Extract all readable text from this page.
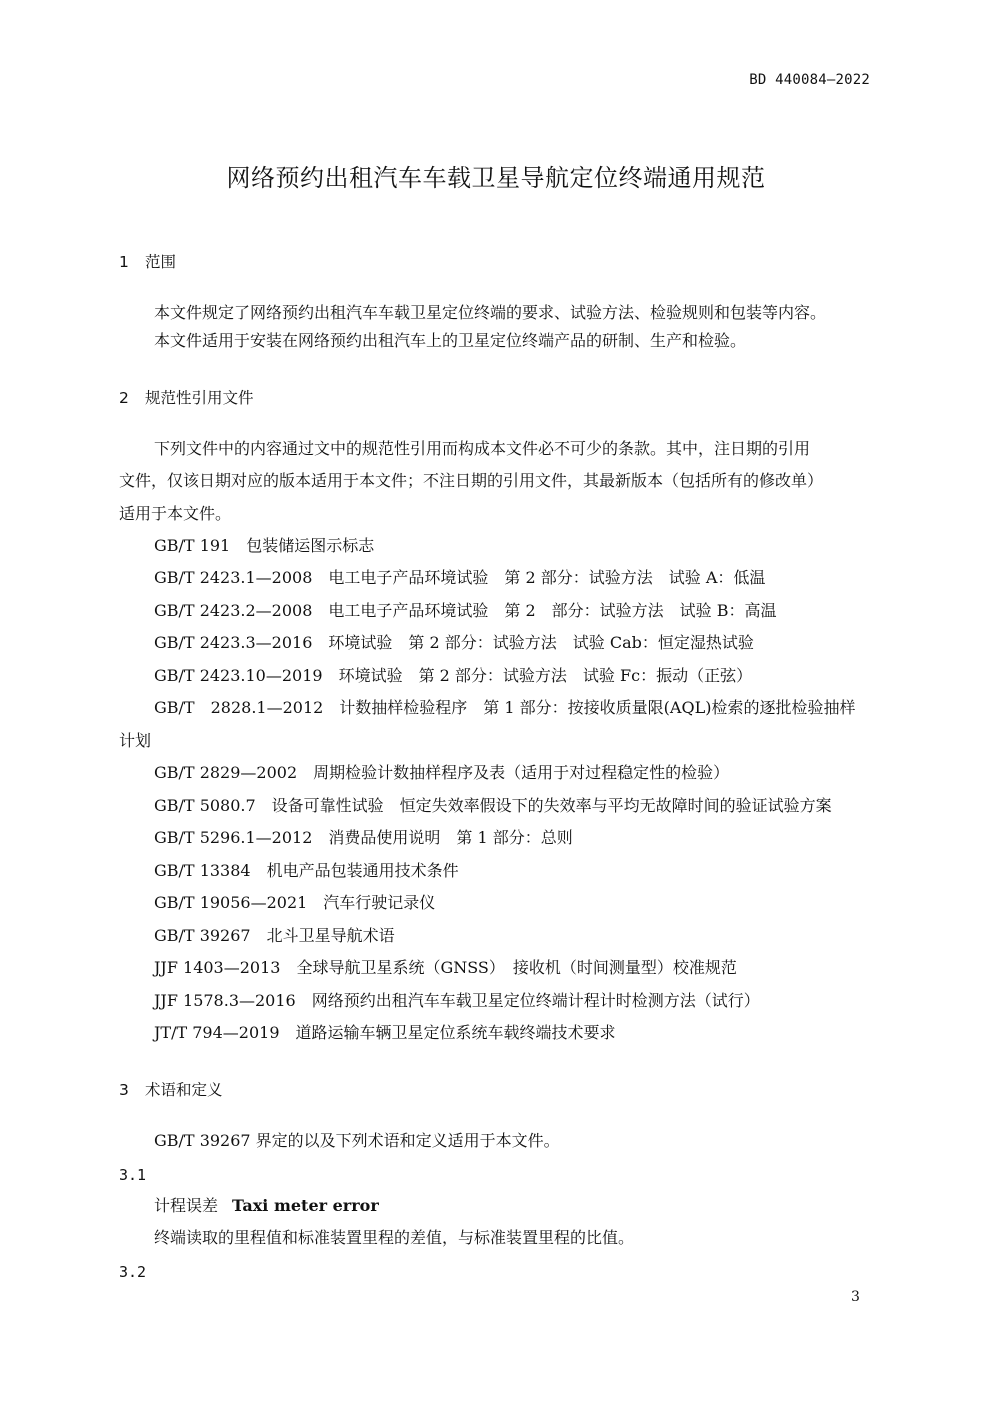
BD 440084—2022
网络预约出租汽车车载卫星导航定位终端通用规范
1 范围
本文件规定了网络预约出租汽车车载卫星定位终端的要求、试验方法、检验规则和包装等内容。
本文件适用于安装在网络预约出租汽车上的卫星定位终端产品的研制、生产和检验。
2 规范性引用文件
下列文件中的内容通过文中的规范性引用而构成本文件必不可少的条款。其中，注日期的引用
文件，仅该日期对应的版本适用于本文件；不注日期的引用文件，其最新版本（包括所有的修改单）
适用于本文件。
GB/T 191　包装储运图示标志
GB/T 2423.1—2008　电工电子产品环境试验　第 2 部分：试验方法　试验 A：低温
GB/T 2423.2—2008　电工电子产品环境试验　第 2　部分：试验方法　试验 B：高温
GB/T 2423.3—2016　环境试验　第 2 部分：试验方法　试验 Cab：恒定湿热试验
GB/T 2423.10—2019　环境试验　第 2 部分：试验方法　试验 Fc：振动（正弦）
GB/T　2828.1—2012　计数抽样检验程序　第 1 部分：按接收质量限(AQL)检索的逐批检验抽样
计划
GB/T 2829—2002　周期检验计数抽样程序及表（适用于对过程稳定性的检验）
GB/T 5080.7　设备可靠性试验　恒定失效率假设下的失效率与平均无故障时间的验证试验方案
GB/T 5296.1—2012　消费品使用说明　第 1 部分：总则
GB/T 13384　机电产品包装通用技术条件
GB/T 19056—2021　汽车行驶记录仪
GB/T 39267　北斗卫星导航术语
JJF 1403—2013　全球导航卫星系统（GNSS）　接收机（时间测量型）校准规范
JJF 1578.3—2016　网络预约出租汽车车载卫星定位终端计程计时检测方法（试行）
JT/T 794—2019　道路运输车辆卫星定位系统车载终端技术要求
3 术语和定义
GB/T 39267 界定的以及下列术语和定义适用于本文件。
3.1
计程误差 Taxi meter error
终端读取的里程值和标准装置里程的差值，与标准装置里程的比值。
3.2
3
